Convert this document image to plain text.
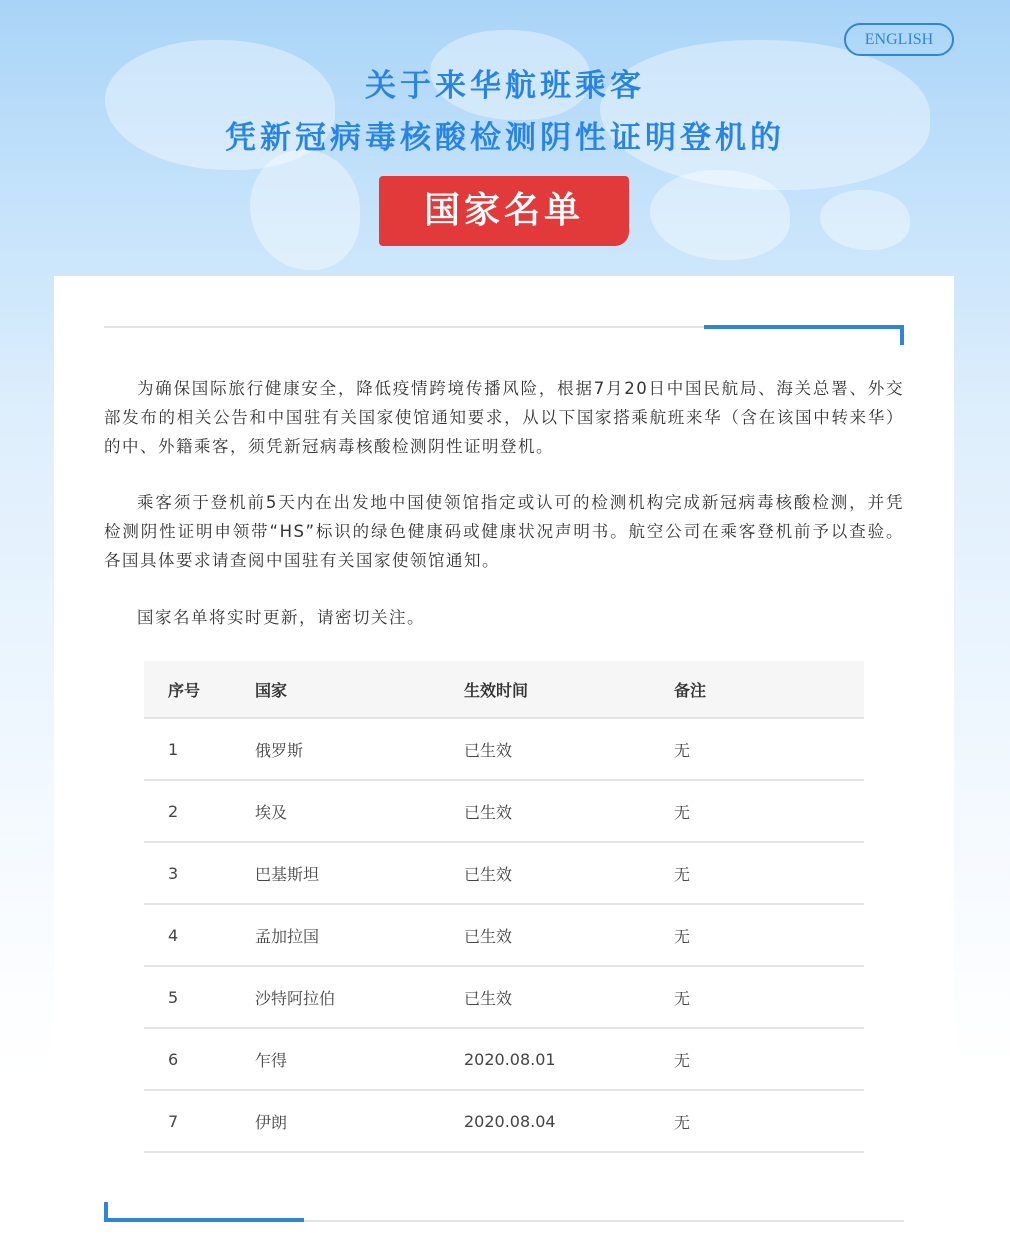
ENGLISH
关于来华航班乘客
凭新冠病毒核酸检测阴性证明登机的
国家名单

为确保国际旅行健康安全，降低疫情跨境传播风险，根据7月20日中国民航局、海关总署、外交部发布的相关公告和中国驻有关国家使馆通知要求，从以下国家搭乘航班来华（含在该国中转来华）的中、外籍乘客，须凭新冠病毒核酸检测阴性证明登机。

乘客须于登机前5天内在出发地中国使领馆指定或认可的检测机构完成新冠病毒核酸检测，并凭检测阴性证明申领带“HS”标识的绿色健康码或健康状况声明书。航空公司在乘客登机前予以查验。各国具体要求请查阅中国驻有关国家使领馆通知。

国家名单将实时更新，请密切关注。

序号	国家	生效时间	备注
1	俄罗斯	已生效	无
2	埃及	已生效	无
3	巴基斯坦	已生效	无
4	孟加拉国	已生效	无
5	沙特阿拉伯	已生效	无
6	乍得	2020.08.01	无
7	伊朗	2020.08.04	无
